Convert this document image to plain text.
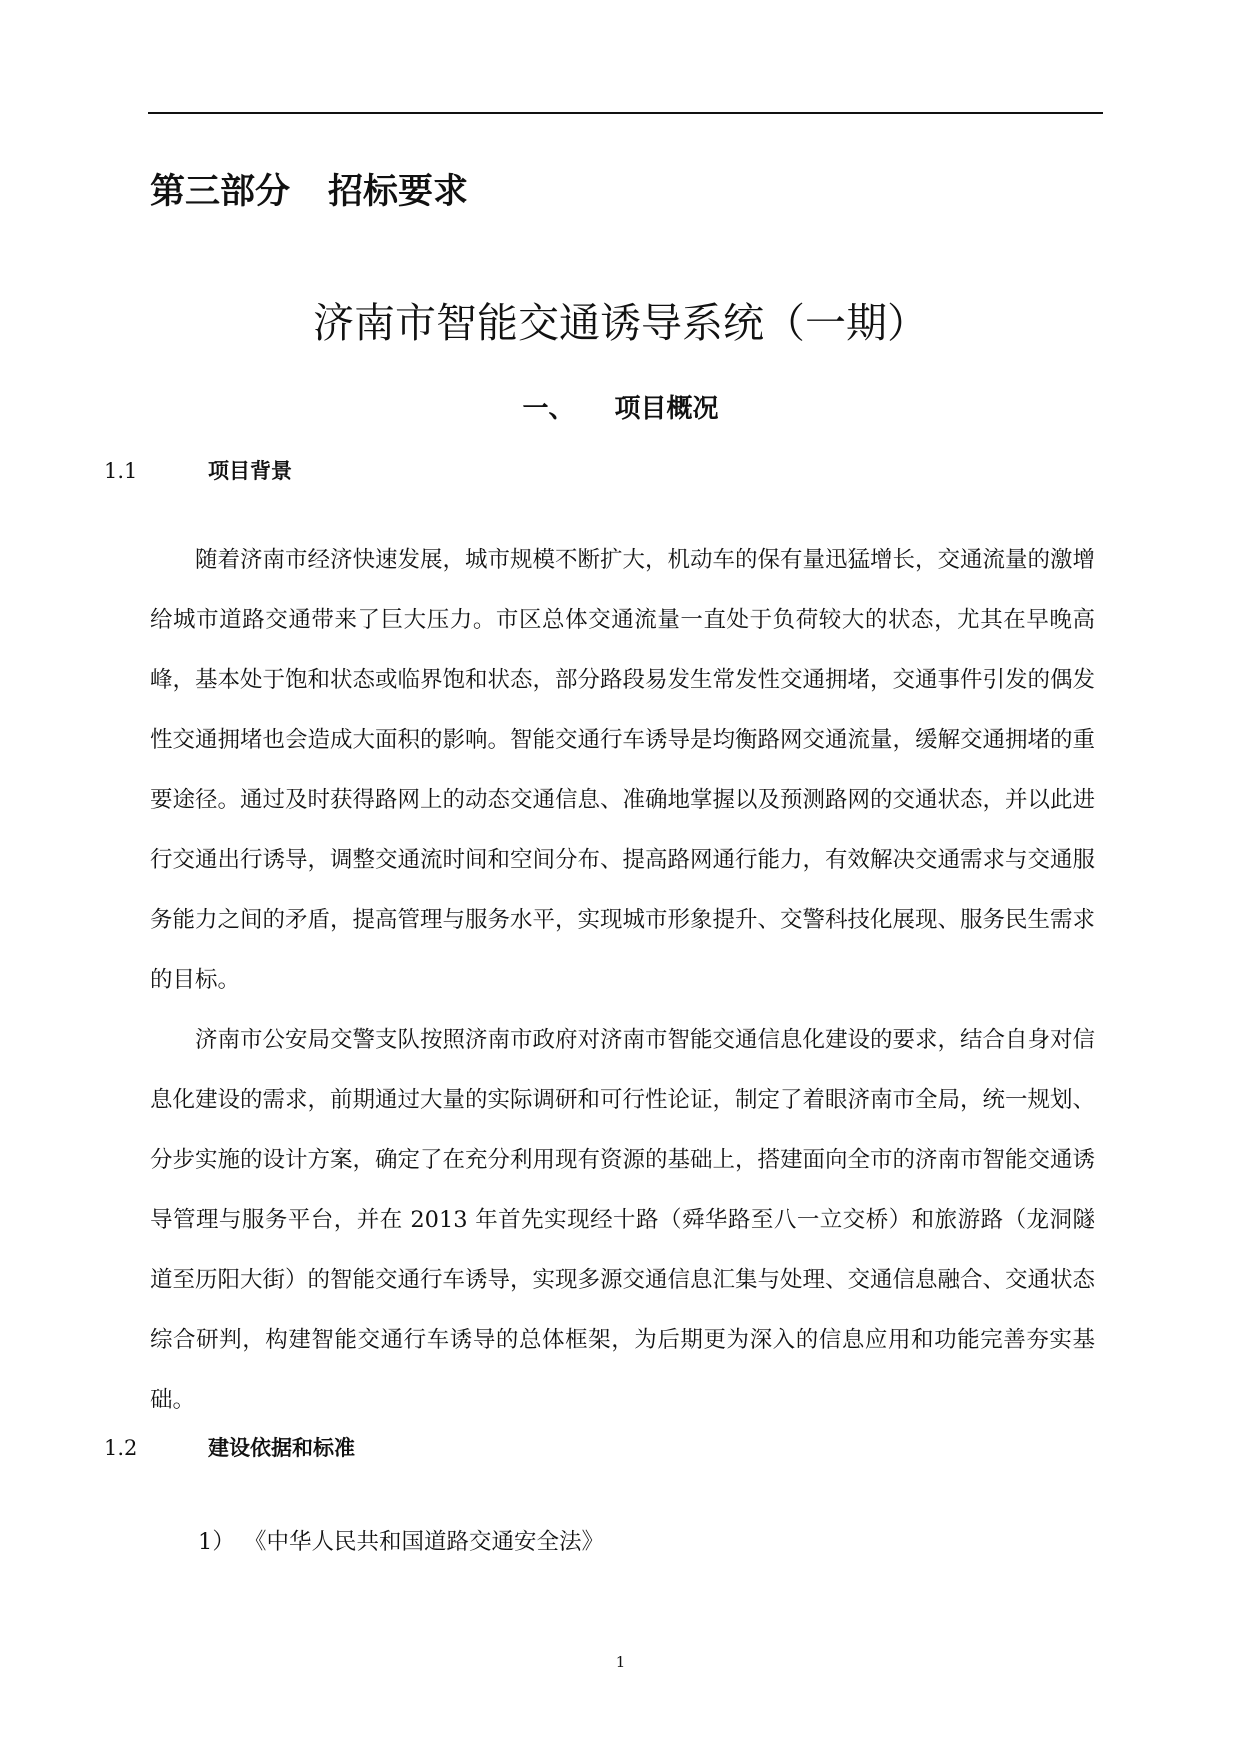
第三部分 招标要求
济南市智能交通诱导系统（一期）
一、 项目概况
1.1	项目背景

随着济南市经济快速发展，城市规模不断扩大，机动车的保有量迅猛增长，交通流量的激增给城市道路交通带来了巨大压力。市区总体交通流量一直处于负荷较大的状态，尤其在早晚高峰，基本处于饱和状态或临界饱和状态，部分路段易发生常发性交通拥堵，交通事件引发的偶发性交通拥堵也会造成大面积的影响。智能交通行车诱导是均衡路网交通流量，缓解交通拥堵的重要途径。通过及时获得路网上的动态交通信息、准确地掌握以及预测路网的交通状态，并以此进行交通出行诱导，调整交通流时间和空间分布、提高路网通行能力，有效解决交通需求与交通服务能力之间的矛盾，提高管理与服务水平，实现城市形象提升、交警科技化展现、服务民生需求的目标。

济南市公安局交警支队按照济南市政府对济南市智能交通信息化建设的要求，结合自身对信息化建设的需求，前期通过大量的实际调研和可行性论证，制定了着眼济南市全局，统一规划、分步实施的设计方案，确定了在充分利用现有资源的基础上，搭建面向全市的济南市智能交通诱导管理与服务平台，并在 2013 年首先实现经十路（舜华路至八一立交桥）和旅游路（龙洞隧道至历阳大街）的智能交通行车诱导，实现多源交通信息汇集与处理、交通信息融合、交通状态综合研判，构建智能交通行车诱导的总体框架，为后期更为深入的信息应用和功能完善夯实基础。

1.2	建设依据和标准
1） 《中华人民共和国道路交通安全法》
1
